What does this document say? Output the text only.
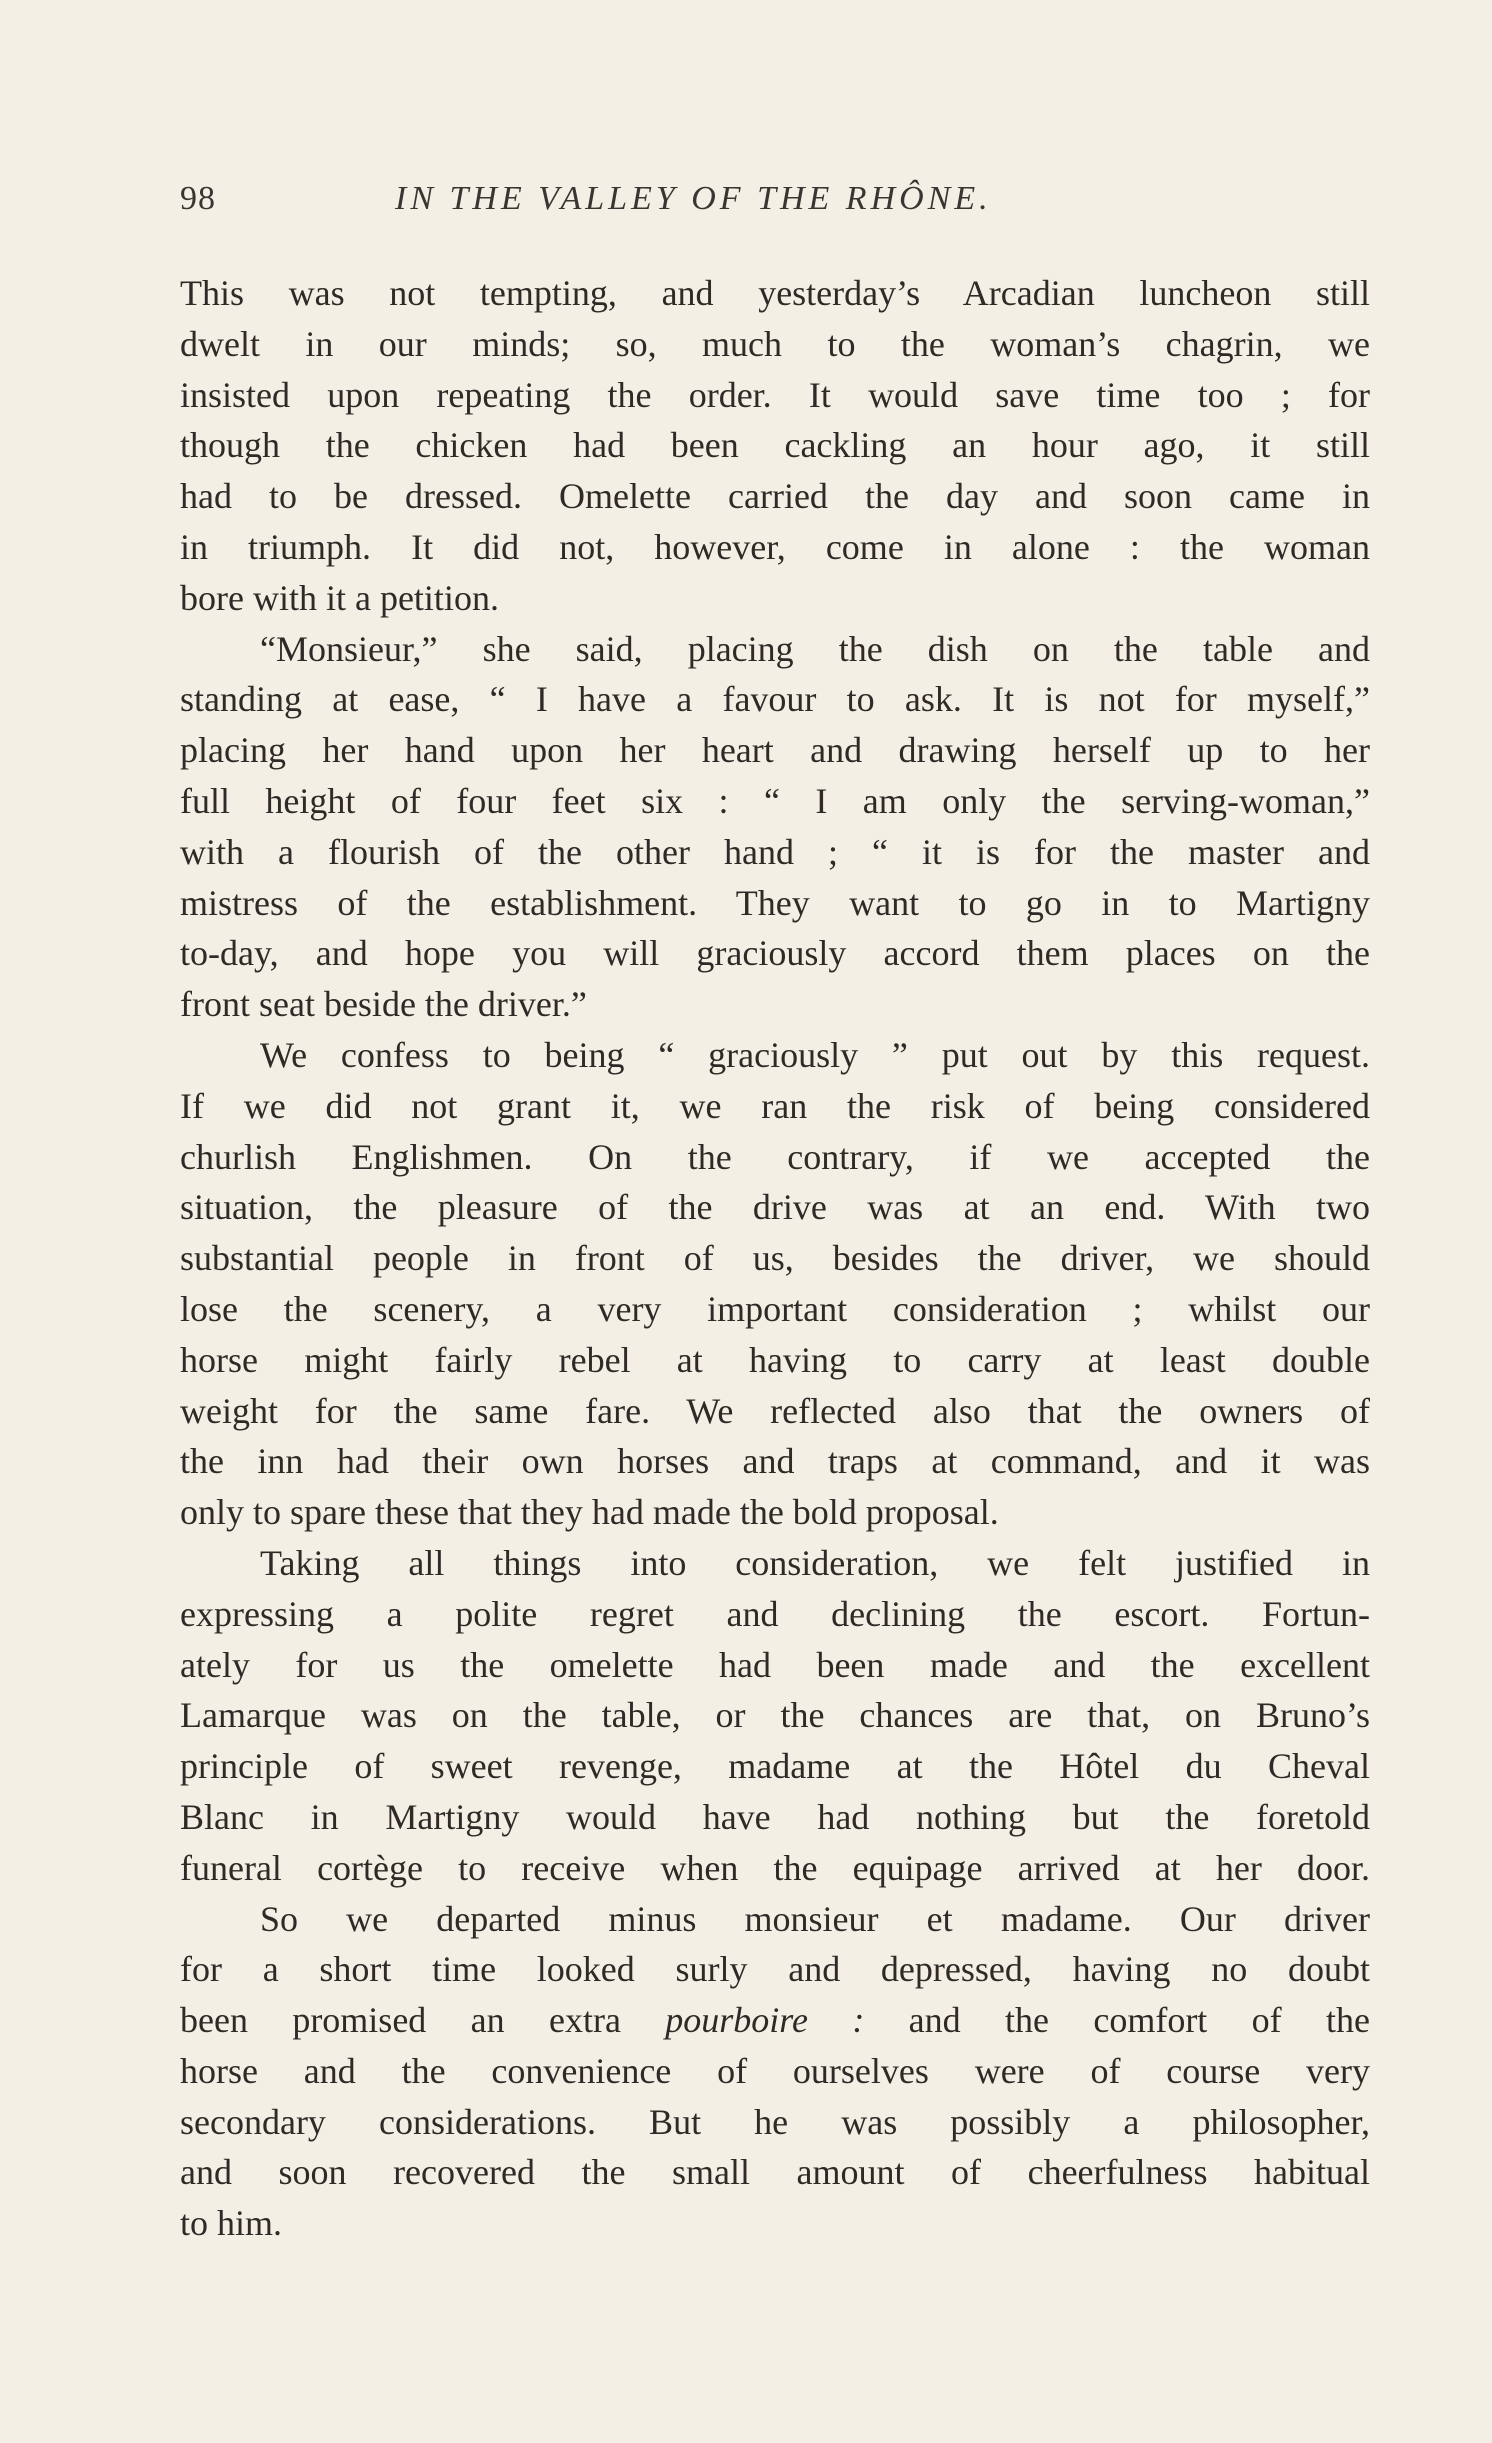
98	IN THE VALLEY OF THE RHÔNE.
This was not tempting, and yesterday’s Arcadian luncheon still
dwelt in our minds; so, much to the woman’s chagrin, we
insisted upon repeating the order. It would save time too ; for
though the chicken had been cackling an hour ago, it still
had to be dressed. Omelette carried the day and soon came in
in triumph. It did not, however, come in alone : the woman
bore with it a petition.
“Monsieur,” she said, placing the dish on the table and
standing at ease, “ I have a favour to ask. It is not for myself,”
placing her hand upon her heart and drawing herself up to her
full height of four feet six : “ I am only the serving-woman,”
with a flourish of the other hand ; “ it is for the master and
mistress of the establishment. They want to go in to Martigny
to-day, and hope you will graciously accord them places on the
front seat beside the driver.”
We confess to being “ graciously ” put out by this request.
If we did not grant it, we ran the risk of being considered
churlish Englishmen. On the contrary, if we accepted the
situation, the pleasure of the drive was at an end. With two
substantial people in front of us, besides the driver, we should
lose the scenery, a very important consideration ; whilst our
horse might fairly rebel at having to carry at least double
weight for the same fare. We reflected also that the owners of
the inn had their own horses and traps at command, and it was
only to spare these that they had made the bold proposal.
Taking all things into consideration, we felt justified in
expressing a polite regret and declining the escort. Fortun-
ately for us the omelette had been made and the excellent
Lamarque was on the table, or the chances are that, on Bruno’s
principle of sweet revenge, madame at the Hôtel du Cheval
Blanc in Martigny would have had nothing but the foretold
funeral cortège to receive when the equipage arrived at her door.
So we departed minus monsieur et madame. Our driver
for a short time looked surly and depressed, having no doubt
been promised an extra pourboire : and the comfort of the
horse and the convenience of ourselves were of course very
secondary considerations. But he was possibly a philosopher,
and soon recovered the small amount of cheerfulness habitual
to him.
